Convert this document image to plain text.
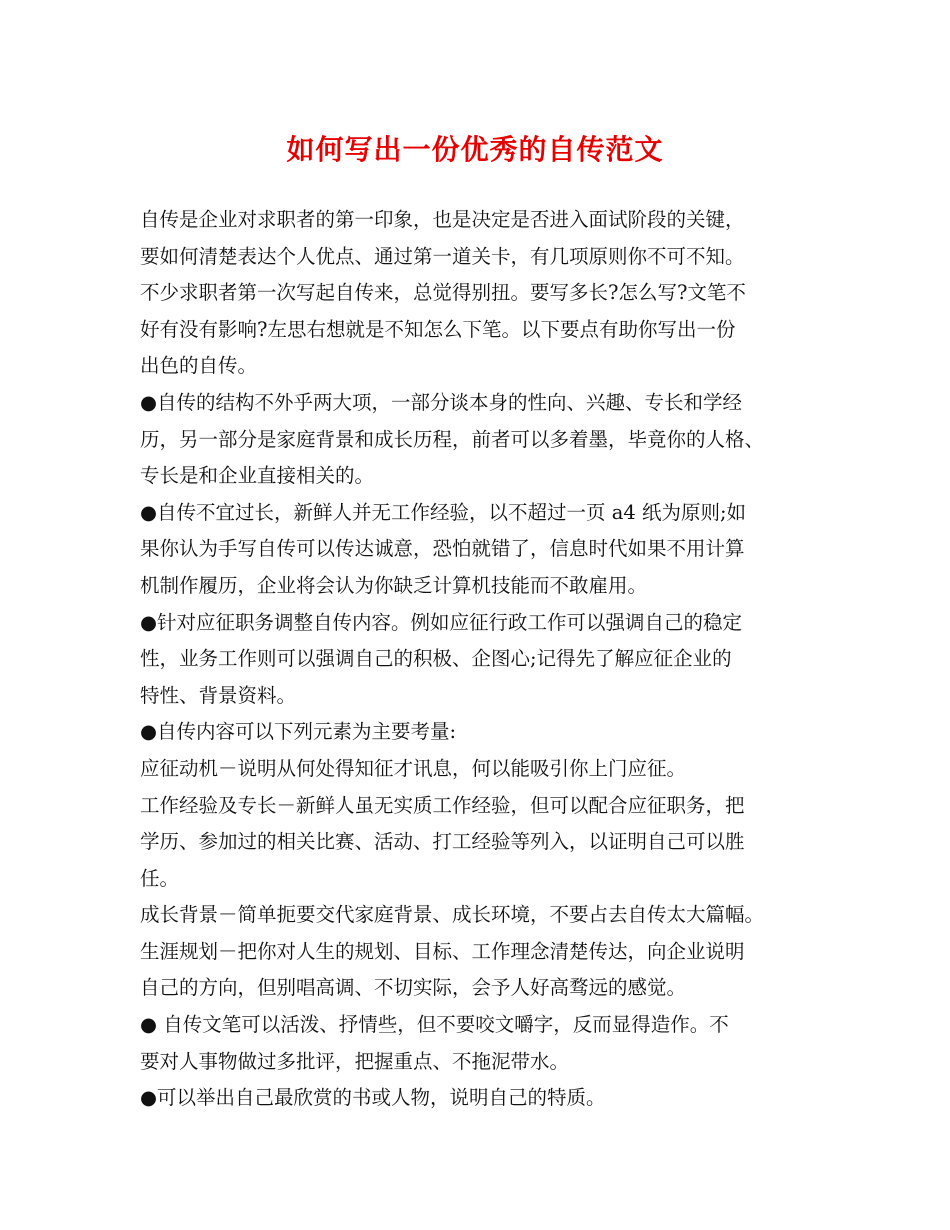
如何写出一份优秀的自传范文
自传是企业对求职者的第一印象，也是决定是否进入面试阶段的关键，
要如何清楚表达个人优点、通过第一道关卡，有几项原则你不可不知。
不少求职者第一次写起自传来，总觉得别扭。要写多长?怎么写?文笔不
好有没有影响?左思右想就是不知怎么下笔。以下要点有助你写出一份
出色的自传。
●自传的结构不外乎两大项，一部分谈本身的性向、兴趣、专长和学经
历，另一部分是家庭背景和成长历程，前者可以多着墨，毕竟你的人格、
专长是和企业直接相关的。
●自传不宜过长，新鲜人并无工作经验，以不超过一页 a4 纸为原则;如
果你认为手写自传可以传达诚意，恐怕就错了，信息时代如果不用计算
机制作履历，企业将会认为你缺乏计算机技能而不敢雇用。
●针对应征职务调整自传内容。例如应征行政工作可以强调自己的稳定
性，业务工作则可以强调自己的积极、企图心;记得先了解应征企业的
特性、背景资料。
●自传内容可以下列元素为主要考量:
应征动机－说明从何处得知征才讯息，何以能吸引你上门应征。
工作经验及专长－新鲜人虽无实质工作经验，但可以配合应征职务，把
学历、参加过的相关比赛、活动、打工经验等列入，以证明自己可以胜
任。
成长背景－简单扼要交代家庭背景、成长环境，不要占去自传太大篇幅。
生涯规划－把你对人生的规划、目标、工作理念清楚传达，向企业说明
自己的方向，但别唱高调、不切实际，会予人好高骛远的感觉。
● 自传文笔可以活泼、抒情些，但不要咬文嚼字，反而显得造作。不
要对人事物做过多批评，把握重点、不拖泥带水。
●可以举出自己最欣赏的书或人物，说明自己的特质。
